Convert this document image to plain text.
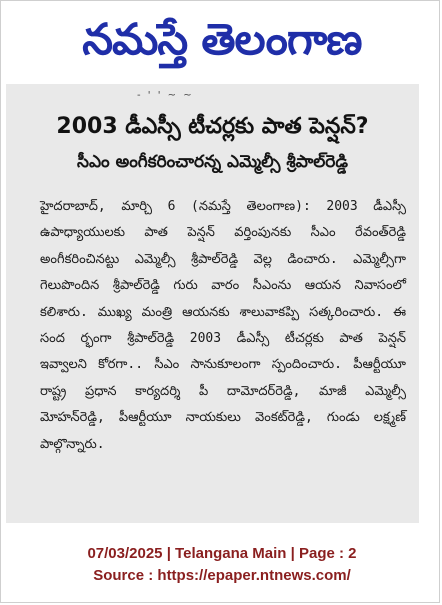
నమస్తే తెలంగాణ
- ' ' ~ ~
2003 డీఎస్సీ టీచర్లకు పాత పెన్షన్?
సీఎం అంగీకరించారన్న ఎమ్మెల్సీ శ్రీపాల్‌రెడ్డి
హైదరాబాద్, మార్చి 6 (నమస్తే తెలంగాణ): 2003 డీఎస్సీ ఉపాధ్యాయులకు పాత పెన్షన్ వర్తింపునకు సీఎం రేవంత్‌రెడ్డి అంగీకరించినట్టు ఎమ్మెల్సీ శ్రీపాల్‌రెడ్డి వెల్ల డించారు. ఎమ్మెల్సీగా గెలుపొందిన శ్రీపాల్‌రెడ్డి గురు వారం సీఎంను ఆయన నివాసంలో కలిశారు. ముఖ్య మంత్రి ఆయనకు శాలువాకప్పి సత్కరించారు. ఈ సంద ర్భంగా శ్రీపాల్‌రెడ్డి 2003 డీఎస్సీ టీచర్లకు పాత పెన్షన్ ఇవ్వాలని కోరగా.. సీఎం సానుకూలంగా స్పందించారు. పీఆర్టీయూ రాష్ట్ర ప్రధాన కార్యదర్శి పీ దామోదర్‌రెడ్డి, మాజీ ఎమ్మెల్సీ మోహన్‌రెడ్డి, పీఆర్టీయూ నాయకులు వెంకట్‌రెడ్డి, గుండు లక్ష్మణ్ పాల్గొన్నారు.
07/03/2025 | Telangana Main | Page : 2
Source : https://epaper.ntnews.com/
